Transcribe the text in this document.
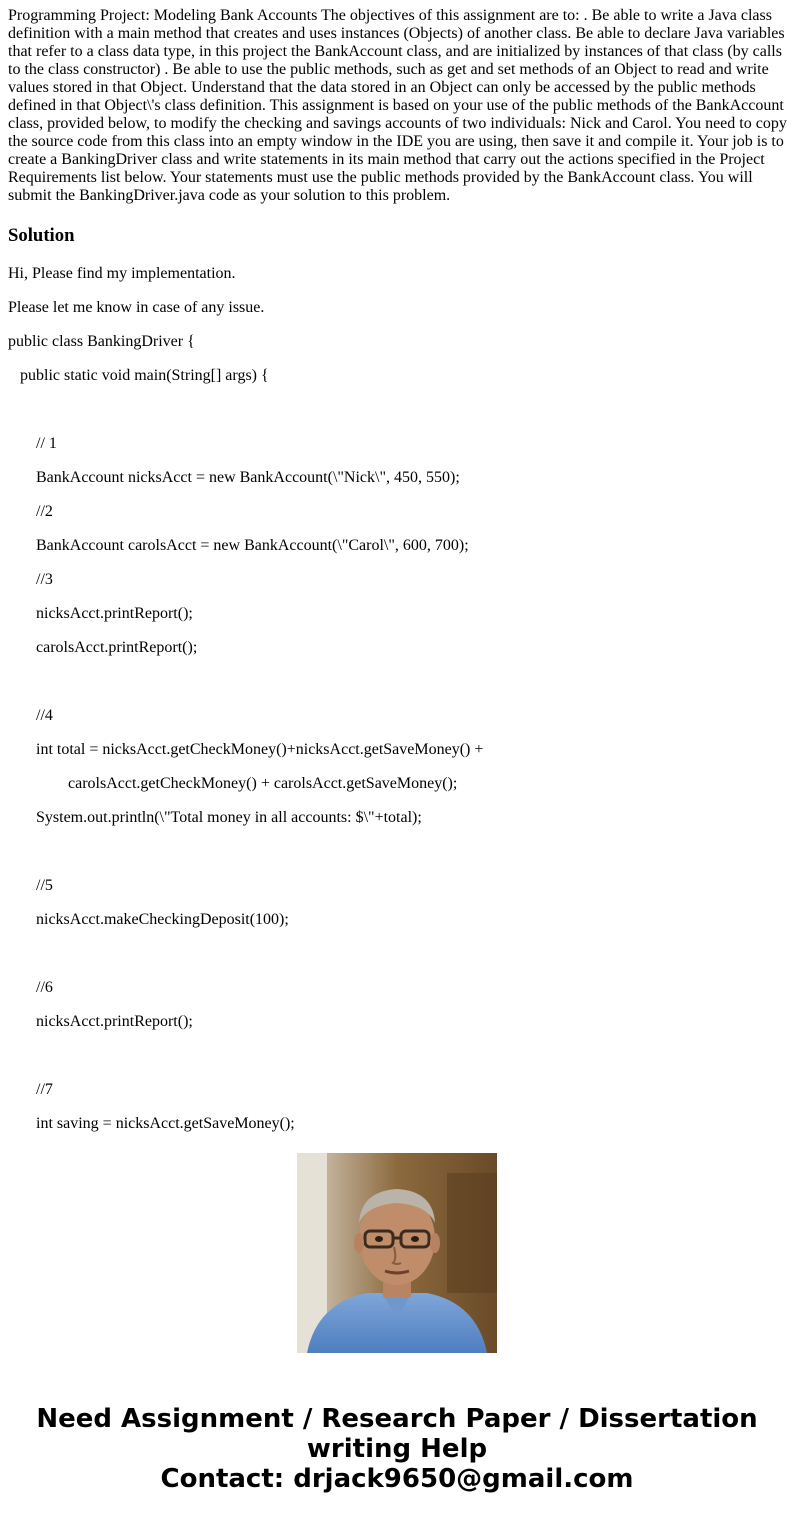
Programming Project: Modeling Bank Accounts The objectives of this assignment are to: . Be able to write a Java class definition with a main method that creates and uses instances (Objects) of another class. Be able to declare Java variables that refer to a class data type, in this project the BankAccount class, and are initialized by instances of that class (by calls to the class constructor) . Be able to use the public methods, such as get and set methods of an Object to read and write values stored in that Object. Understand that the data stored in an Object can only be accessed by the public methods defined in that Object\'s class definition. This assignment is based on your use of the public methods of the BankAccount class, provided below, to modify the checking and savings accounts of two individuals: Nick and Carol. You need to copy the source code from this class into an empty window in the IDE you are using, then save it and compile it. Your job is to create a BankingDriver class and write statements in its main method that carry out the actions specified in the Project Requirements list below. Your statements must use the public methods provided by the BankAccount class. You will submit the BankingDriver.java code as your solution to this problem.

Solution

Hi, Please find my implementation.

Please let me know in case of any issue.

public class BankingDriver {

public static void main(String[] args) {

// 1

BankAccount nicksAcct = new BankAccount(\"Nick\", 450, 550);

//2

BankAccount carolsAcct = new BankAccount(\"Carol\", 600, 700);

//3

nicksAcct.printReport();

carolsAcct.printReport();

//4

int total = nicksAcct.getCheckMoney()+nicksAcct.getSaveMoney() +

carolsAcct.getCheckMoney() + carolsAcct.getSaveMoney();

System.out.println(\"Total money in all accounts: $\"+total);

//5

nicksAcct.makeCheckingDeposit(100);

//6

nicksAcct.printReport();

//7

int saving = nicksAcct.getSaveMoney();

Need Assignment / Research Paper / Dissertation
writing Help
Contact: drjack9650@gmail.com
